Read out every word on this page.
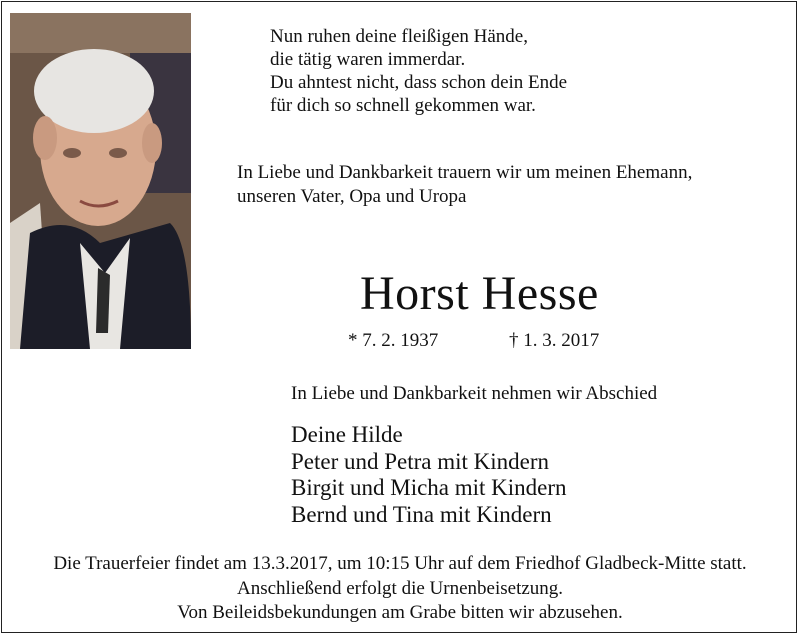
Nun ruhen deine fleißigen Hände,
die tätig waren immerdar.
Du ahntest nicht, dass schon dein Ende
für dich so schnell gekommen war.
In Liebe und Dankbarkeit trauern wir um meinen Ehemann,
unseren Vater, Opa und Uropa
Horst Hesse
* 7. 2. 1937	† 1. 3. 2017
In Liebe und Dankbarkeit nehmen wir Abschied
Deine Hilde
Peter und Petra mit Kindern
Birgit und Micha mit Kindern
Bernd und Tina mit Kindern
Die Trauerfeier findet am 13.3.2017, um 10:15 Uhr auf dem Friedhof Gladbeck-Mitte statt.
Anschließend erfolgt die Urnenbeisetzung.
Von Beileidsbekundungen am Grabe bitten wir abzusehen.
